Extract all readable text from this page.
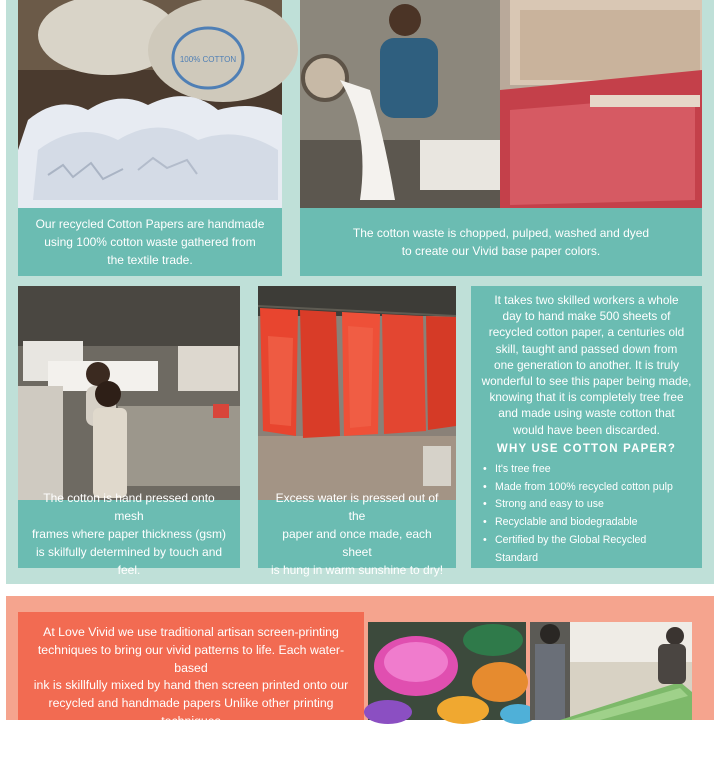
100% COTTON
Our recycled Cotton Papers are handmade
using 100% cotton waste gathered from
the textile trade.
The cotton waste is chopped, pulped, washed and dyed
to create our Vivid base paper colors.
The cotton is hand pressed onto mesh
frames where paper thickness (gsm)
is skilfully determined by touch and feel.
Excess water is pressed out of the
paper and once made, each sheet
is hung in warm sunshine to dry!
It takes two skilled workers a whole
day to hand make 500 sheets of
recycled cotton paper, a centuries old
skill, taught and passed down from
one generation to another. It is truly
wonderful to see this paper being made,
knowing that it is completely tree free
and made using waste cotton that
would have been discarded.
WHY USE COTTON PAPER?
• It's tree free
• Made from 100% recycled cotton pulp
• Strong and easy to use
• Recyclable and biodegradable
• Certified by the Global Recycled Standard
At Love Vivid we use traditional artisan screen-printing
techniques to bring our vivid patterns to life. Each water-based
ink is skillfully mixed by hand then screen printed onto our
recycled and handmade papers Unlike other printing techniques
our inks sit on top of the paper to create a vibrant color POP!
Every print is a mini work of art!
